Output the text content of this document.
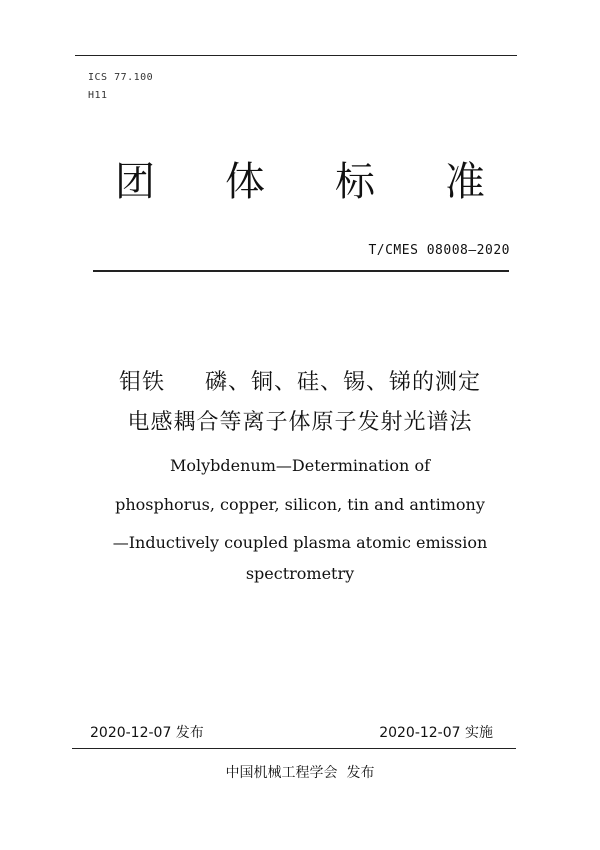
ICS 77.100
H11
团 体 标 准
T/CMES 08008—2020
钼铁 磷、铜、硅、锡、锑的测定
电感耦合等离子体原子发射光谱法
Molybdenum—Determination of
phosphorus, copper, silicon, tin and antimony
—Inductively coupled plasma atomic emission
spectrometry
2020-12-07 发布	2020-12-07 实施
中国机械工程学会  发布
